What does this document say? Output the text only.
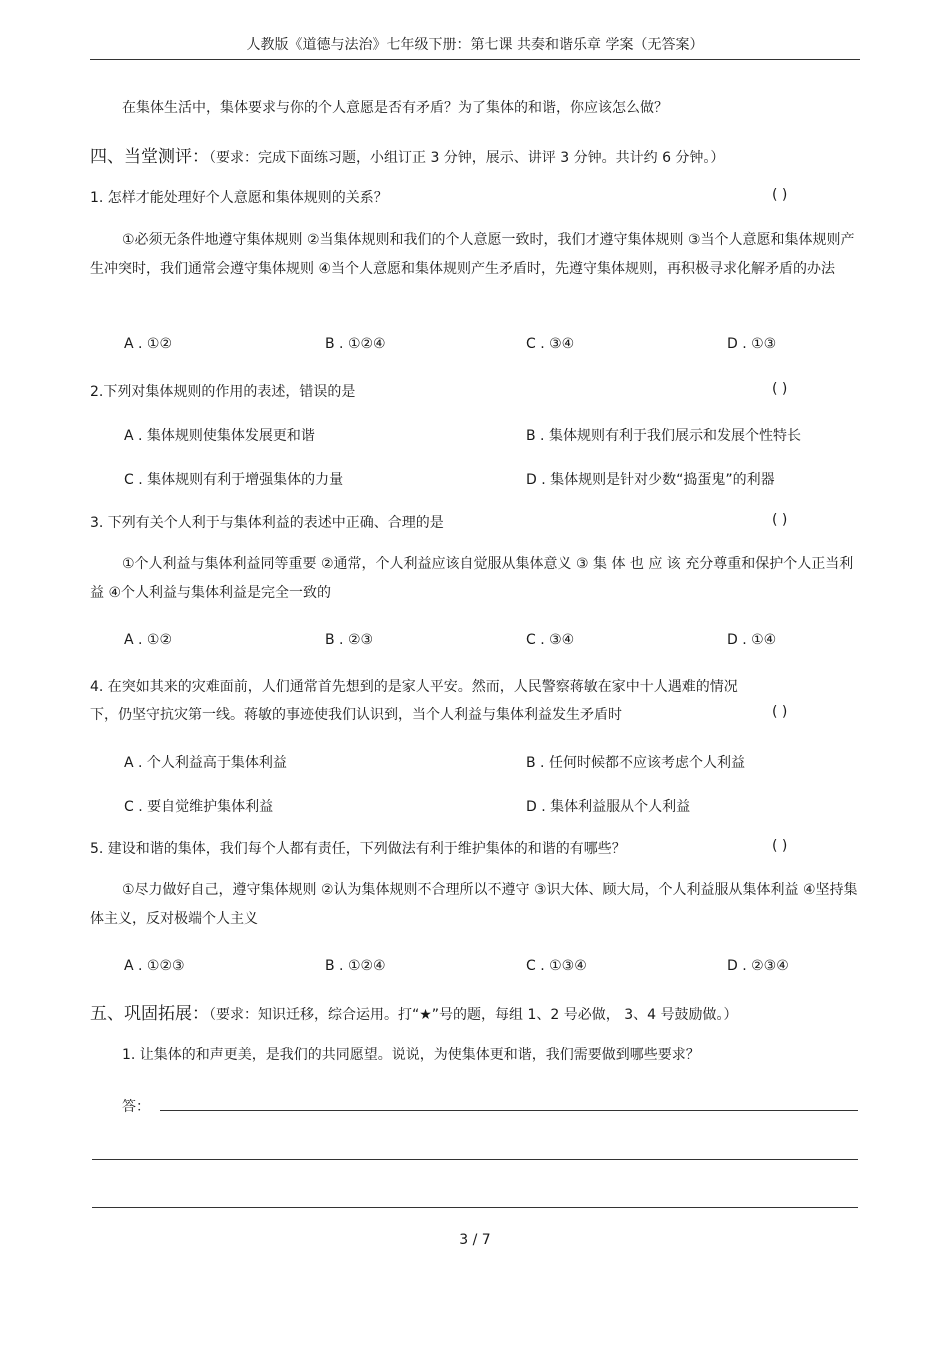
人教版《道德与法治》七年级下册：第七课 共奏和谐乐章 学案（无答案）
在集体生活中，集体要求与你的个人意愿是否有矛盾？为了集体的和谐，你应该怎么做？
四、当堂测评：（要求：完成下面练习题，小组订正 3 分钟，展示、讲评 3 分钟。共计约 6 分钟。）
1. 怎样才能处理好个人意愿和集体规则的关系？	( )
①必须无条件地遵守集体规则 ②当集体规则和我们的个人意愿一致时，我们才遵守集体规则 ③当个人意愿和集体规则产生冲突时，我们通常会遵守集体规则 ④当个人意愿和集体规则产生矛盾时，先遵守集体规则，再积极寻求化解矛盾的办法
A . ①②	B . ①②④	C . ③④	D . ①③
2.下列对集体规则的作用的表述，错误的是	( )
A . 集体规则使集体发展更和谐	B . 集体规则有利于我们展示和发展个性特长
C . 集体规则有利于增强集体的力量	D . 集体规则是针对少数“捣蛋鬼”的利器
3. 下列有关个人利于与集体利益的表述中正确、合理的是	( )
①个人利益与集体利益同等重要 ②通常，个人利益应该自觉服从集体意义 ③ 集 体 也 应 该 充分尊重和保护个人正当利益 ④个人利益与集体利益是完全一致的
A . ①②	B . ②③	C . ③④	D . ①④
4. 在突如其来的灾难面前，人们通常首先想到的是家人平安。然而，人民警察蒋敏在家中十人遇难的情况
下，仍坚守抗灾第一线。蒋敏的事迹使我们认识到，当个人利益与集体利益发生矛盾时	( )
A . 个人利益高于集体利益	B . 任何时候都不应该考虑个人利益
C . 要自觉维护集体利益	D . 集体利益服从个人利益
5. 建设和谐的集体，我们每个人都有责任，下列做法有利于维护集体的和谐的有哪些？	( )
①尽力做好自己，遵守集体规则 ②认为集体规则不合理所以不遵守 ③识大体、顾大局，个人利益服从集体利益 ④坚持集体主义，反对极端个人主义
A . ①②③	B . ①②④	C . ①③④	D . ②③④
五、巩固拓展：（要求：知识迁移，综合运用。打“★”号的题，每组 1、2 号必做， 3、4 号鼓励做。）
1. 让集体的和声更美，是我们的共同愿望。说说，为使集体更和谐，我们需要做到哪些要求？
答：
3 / 7
